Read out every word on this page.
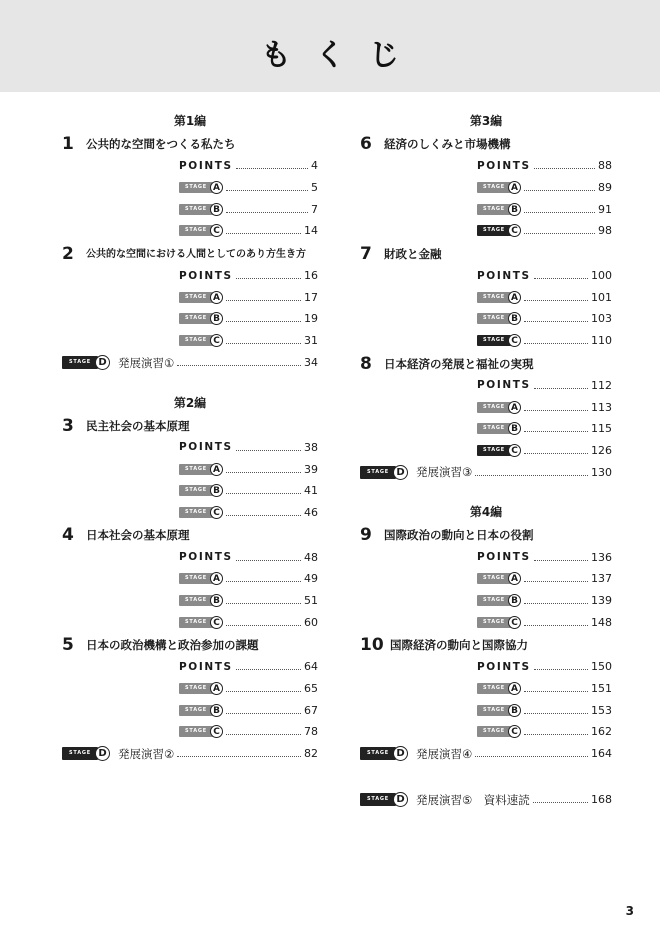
もくじ
第1編
1 公共的な空間をつくる私たち
POINTS	4
STAGE A	5
STAGE B	7
STAGE C	14
2 公共的な空間における人間としてのあり方生き方
POINTS	16
STAGE A	17
STAGE B	19
STAGE C	31
STAGE D 発展演習①	34
第2編
3 民主社会の基本原理
POINTS	38
STAGE A	39
STAGE B	41
STAGE C	46
4 日本社会の基本原理
POINTS	48
STAGE A	49
STAGE B	51
STAGE C	60
5 日本の政治機構と政治参加の課題
POINTS	64
STAGE A	65
STAGE B	67
STAGE C	78
STAGE D 発展演習②	82
第3編
6 経済のしくみと市場機構
POINTS	88
STAGE A	89
STAGE B	91
STAGE C	98
7 財政と金融
POINTS	100
STAGE A	101
STAGE B	103
STAGE C	110
8 日本経済の発展と福祉の実現
POINTS	112
STAGE A	113
STAGE B	115
STAGE C	126
STAGE D 発展演習③	130
第4編
9 国際政治の動向と日本の役割
POINTS	136
STAGE A	137
STAGE B	139
STAGE C	148
10 国際経済の動向と国際協力
POINTS	150
STAGE A	151
STAGE B	153
STAGE C	162
STAGE D 発展演習④	164
STAGE D 発展演習⑤　資料速読	168
3
